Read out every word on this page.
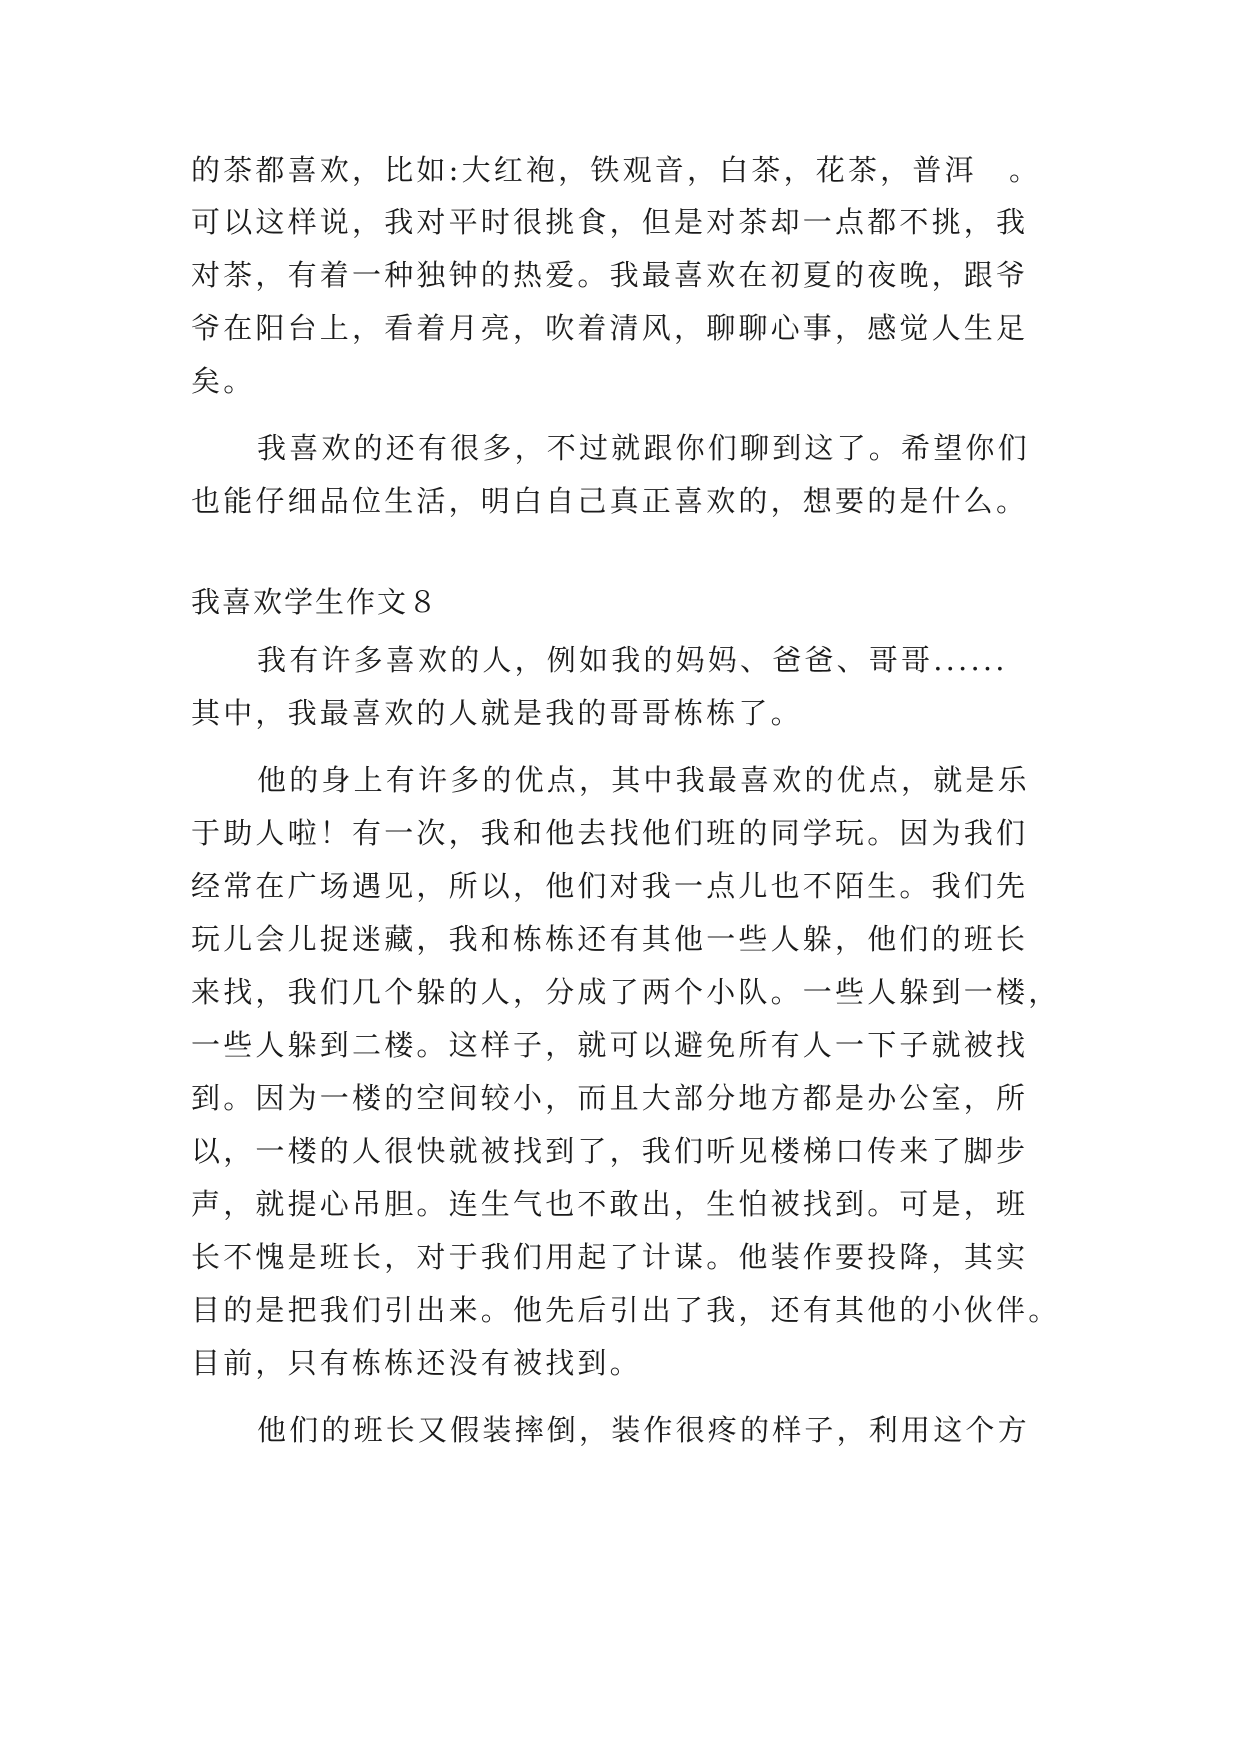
的茶都喜欢，比如:大红袍，铁观音，白茶，花茶，普洱　。
可以这样说，我对平时很挑食，但是对茶却一点都不挑，我
对茶，有着一种独钟的热爱。我最喜欢在初夏的夜晚，跟爷
爷在阳台上，看着月亮，吹着清风，聊聊心事，感觉人生足
矣。
我喜欢的还有很多，不过就跟你们聊到这了。希望你们
也能仔细品位生活，明白自己真正喜欢的，想要的是什么。
我喜欢学生作文８
我有许多喜欢的人，例如我的妈妈、爸爸、哥哥......
其中，我最喜欢的人就是我的哥哥栋栋了。
他的身上有许多的优点，其中我最喜欢的优点，就是乐
于助人啦！有一次，我和他去找他们班的同学玩。因为我们
经常在广场遇见，所以，他们对我一点儿也不陌生。我们先
玩儿会儿捉迷藏，我和栋栋还有其他一些人躲，他们的班长
来找，我们几个躲的人，分成了两个小队。一些人躲到一楼，
一些人躲到二楼。这样子，就可以避免所有人一下子就被找
到。因为一楼的空间较小，而且大部分地方都是办公室，所
以，一楼的人很快就被找到了，我们听见楼梯口传来了脚步
声，就提心吊胆。连生气也不敢出，生怕被找到。可是，班
长不愧是班长，对于我们用起了计谋。他装作要投降，其实
目的是把我们引出来。他先后引出了我，还有其他的小伙伴。
目前，只有栋栋还没有被找到。
他们的班长又假装摔倒，装作很疼的样子，利用这个方
